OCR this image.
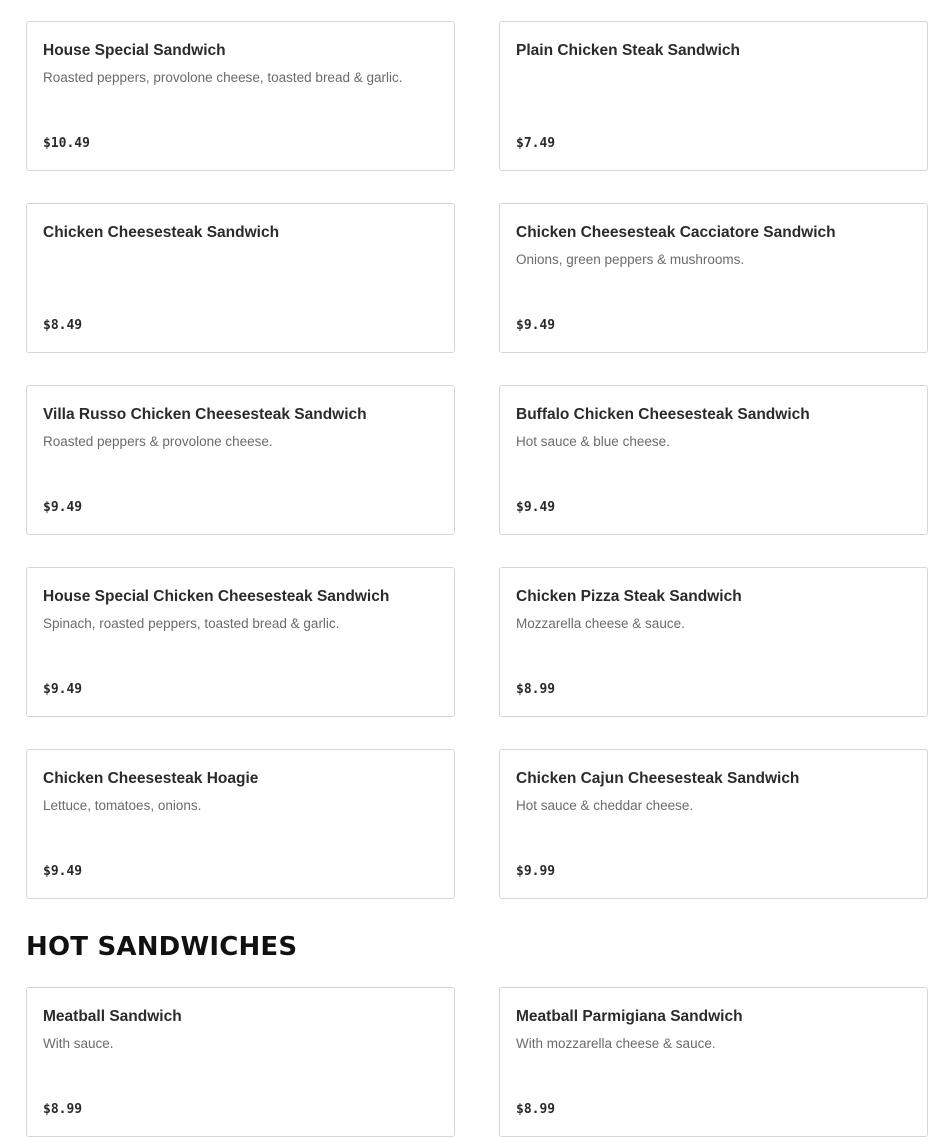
House Special Sandwich
Roasted peppers, provolone cheese, toasted bread & garlic.
$10.49
Plain Chicken Steak Sandwich
$7.49
Chicken Cheesesteak Sandwich
$8.49
Chicken Cheesesteak Cacciatore Sandwich
Onions, green peppers & mushrooms.
$9.49
Villa Russo Chicken Cheesesteak Sandwich
Roasted peppers & provolone cheese.
$9.49
Buffalo Chicken Cheesesteak Sandwich
Hot sauce & blue cheese.
$9.49
House Special Chicken Cheesesteak Sandwich
Spinach, roasted peppers, toasted bread & garlic.
$9.49
Chicken Pizza Steak Sandwich
Mozzarella cheese & sauce.
$8.99
Chicken Cheesesteak Hoagie
Lettuce, tomatoes, onions.
$9.49
Chicken Cajun Cheesesteak Sandwich
Hot sauce & cheddar cheese.
$9.99
HOT SANDWICHES
Meatball Sandwich
With sauce.
$8.99
Meatball Parmigiana Sandwich
With mozzarella cheese & sauce.
$8.99
